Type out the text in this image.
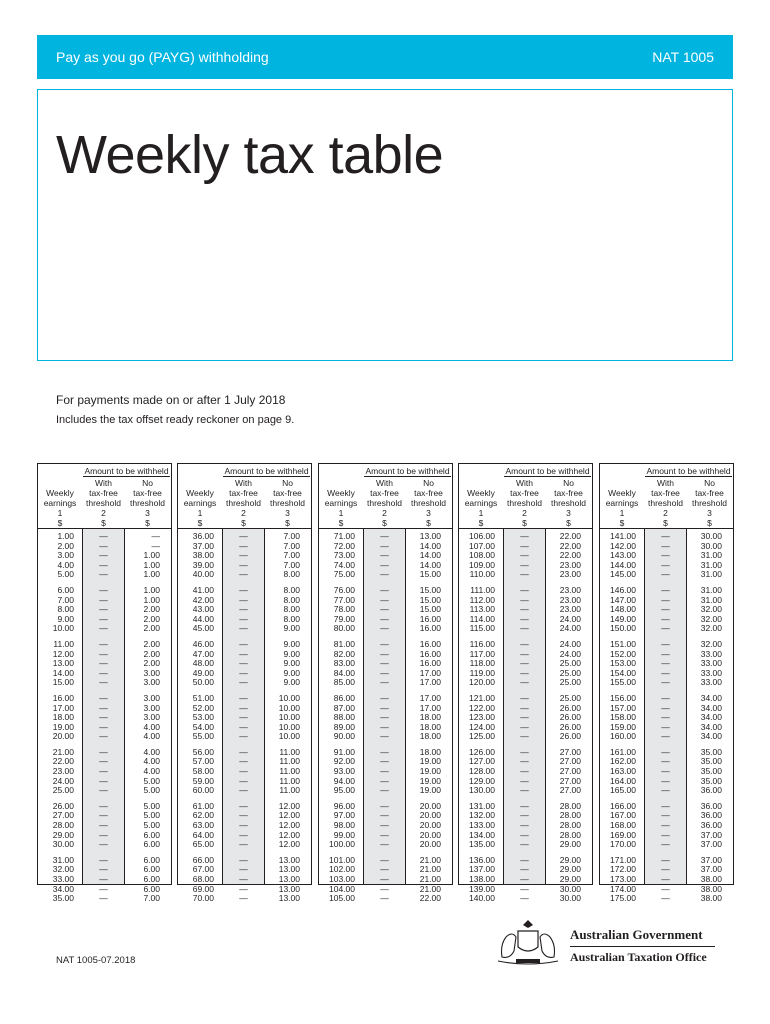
Pay as you go (PAYG) withholding	NAT 1005
Weekly tax table
For payments made on or after 1 July 2018
Includes the tax offset ready reckoner on page 9.
Amount to be withheld
Weekly
earnings
1
$
With
tax-free
threshold
2
$
No
tax-free
threshold
3
$
1.00	—	—
2.00	—	—
3.00	—	1.00
4.00	—	1.00
5.00	—	1.00
6.00	—	1.00
7.00	—	1.00
8.00	—	2.00
9.00	—	2.00
10.00	—	2.00
11.00	—	2.00
12.00	—	2.00
13.00	—	2.00
14.00	—	3.00
15.00	—	3.00
16.00	—	3.00
17.00	—	3.00
18.00	—	3.00
19.00	—	4.00
20.00	—	4.00
21.00	—	4.00
22.00	—	4.00
23.00	—	4.00
24.00	—	5.00
25.00	—	5.00
26.00	—	5.00
27.00	—	5.00
28.00	—	5.00
29.00	—	6.00
30.00	—	6.00
31.00	—	6.00
32.00	—	6.00
33.00	—	6.00
34.00	—	6.00
35.00	—	7.00
Amount to be withheld
Weekly
earnings
1
$
With
tax-free
threshold
2
$
No
tax-free
threshold
3
$
36.00	—	7.00
37.00	—	7.00
38.00	—	7.00
39.00	—	7.00
40.00	—	8.00
41.00	—	8.00
42.00	—	8.00
43.00	—	8.00
44.00	—	8.00
45.00	—	9.00
46.00	—	9.00
47.00	—	9.00
48.00	—	9.00
49.00	—	9.00
50.00	—	9.00
51.00	—	10.00
52.00	—	10.00
53.00	—	10.00
54.00	—	10.00
55.00	—	10.00
56.00	—	11.00
57.00	—	11.00
58.00	—	11.00
59.00	—	11.00
60.00	—	11.00
61.00	—	12.00
62.00	—	12.00
63.00	—	12.00
64.00	—	12.00
65.00	—	12.00
66.00	—	13.00
67.00	—	13.00
68.00	—	13.00
69.00	—	13.00
70.00	—	13.00
Amount to be withheld
Weekly
earnings
1
$
With
tax-free
threshold
2
$
No
tax-free
threshold
3
$
71.00	—	13.00
72.00	—	14.00
73.00	—	14.00
74.00	—	14.00
75.00	—	15.00
76.00	—	15.00
77.00	—	15.00
78.00	—	15.00
79.00	—	16.00
80.00	—	16.00
81.00	—	16.00
82.00	—	16.00
83.00	—	16.00
84.00	—	17.00
85.00	—	17.00
86.00	—	17.00
87.00	—	17.00
88.00	—	18.00
89.00	—	18.00
90.00	—	18.00
91.00	—	18.00
92.00	—	19.00
93.00	—	19.00
94.00	—	19.00
95.00	—	19.00
96.00	—	20.00
97.00	—	20.00
98.00	—	20.00
99.00	—	20.00
100.00	—	20.00
101.00	—	21.00
102.00	—	21.00
103.00	—	21.00
104.00	—	21.00
105.00	—	22.00
Amount to be withheld
Weekly
earnings
1
$
With
tax-free
threshold
2
$
No
tax-free
threshold
3
$
106.00	—	22.00
107.00	—	22.00
108.00	—	22.00
109.00	—	23.00
110.00	—	23.00
111.00	—	23.00
112.00	—	23.00
113.00	—	23.00
114.00	—	24.00
115.00	—	24.00
116.00	—	24.00
117.00	—	24.00
118.00	—	25.00
119.00	—	25.00
120.00	—	25.00
121.00	—	25.00
122.00	—	26.00
123.00	—	26.00
124.00	—	26.00
125.00	—	26.00
126.00	—	27.00
127.00	—	27.00
128.00	—	27.00
129.00	—	27.00
130.00	—	27.00
131.00	—	28.00
132.00	—	28.00
133.00	—	28.00
134.00	—	28.00
135.00	—	29.00
136.00	—	29.00
137.00	—	29.00
138.00	—	29.00
139.00	—	30.00
140.00	—	30.00
Amount to be withheld
Weekly
earnings
1
$
With
tax-free
threshold
2
$
No
tax-free
threshold
3
$
141.00	—	30.00
142.00	—	30.00
143.00	—	31.00
144.00	—	31.00
145.00	—	31.00
146.00	—	31.00
147.00	—	31.00
148.00	—	32.00
149.00	—	32.00
150.00	—	32.00
151.00	—	32.00
152.00	—	33.00
153.00	—	33.00
154.00	—	33.00
155.00	—	33.00
156.00	—	34.00
157.00	—	34.00
158.00	—	34.00
159.00	—	34.00
160.00	—	34.00
161.00	—	35.00
162.00	—	35.00
163.00	—	35.00
164.00	—	35.00
165.00	—	36.00
166.00	—	36.00
167.00	—	36.00
168.00	—	36.00
169.00	—	37.00
170.00	—	37.00
171.00	—	37.00
172.00	—	37.00
173.00	—	38.00
174.00	—	38.00
175.00	—	38.00
NAT 1005-07.2018
Australian Government
Australian Taxation Office
